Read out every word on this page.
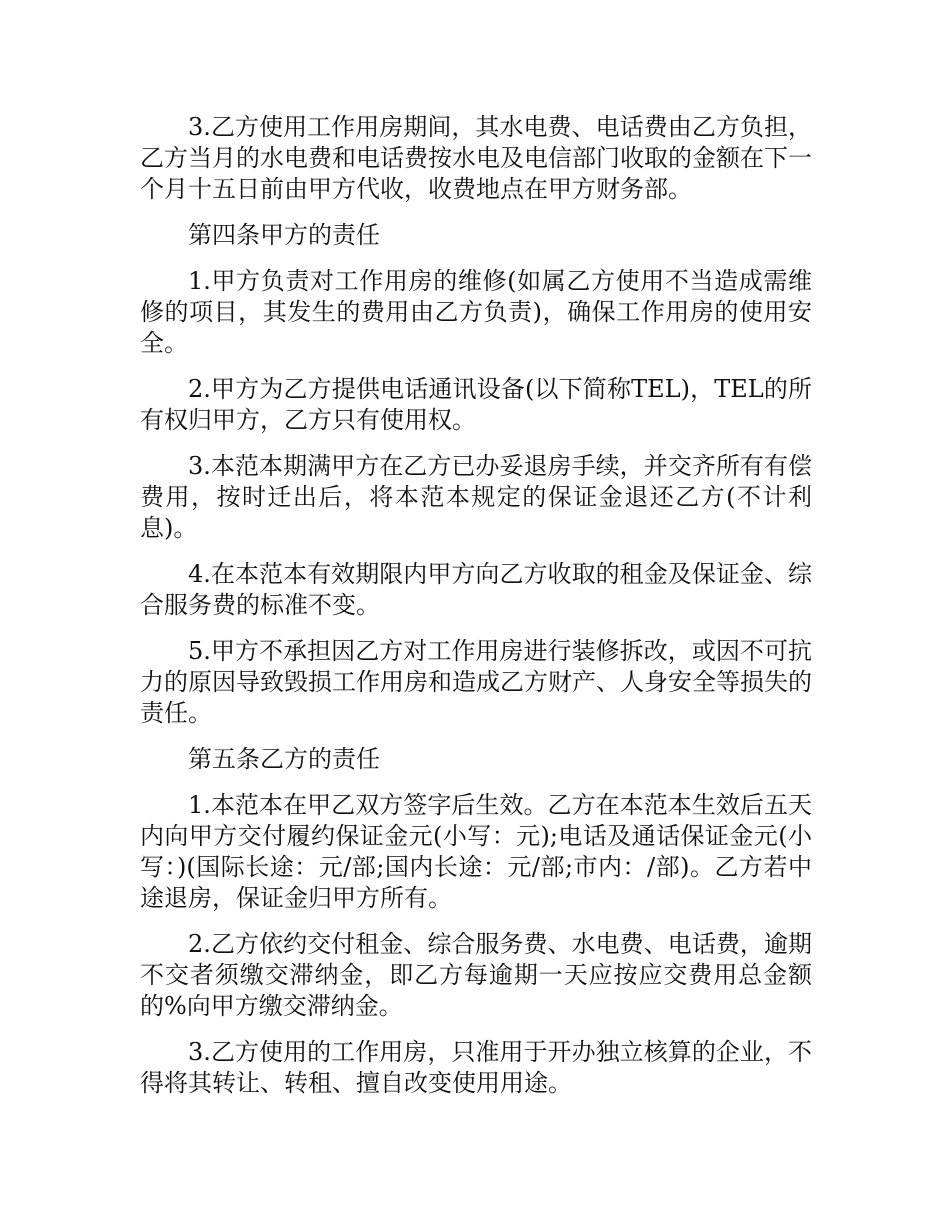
3.乙方使用工作用房期间，其水电费、电话费由乙方负担，乙方当月的水电费和电话费按水电及电信部门收取的金额在下一个月十五日前由甲方代收，收费地点在甲方财务部。

第四条甲方的责任

1.甲方负责对工作用房的维修(如属乙方使用不当造成需维修的项目，其发生的费用由乙方负责)，确保工作用房的使用安全。

2.甲方为乙方提供电话通讯设备(以下简称TEL)，TEL的所有权归甲方，乙方只有使用权。

3.本范本期满甲方在乙方已办妥退房手续，并交齐所有有偿费用，按时迁出后，将本范本规定的保证金退还乙方(不计利息)。

4.在本范本有效期限内甲方向乙方收取的租金及保证金、综合服务费的标准不变。

5.甲方不承担因乙方对工作用房进行装修拆改，或因不可抗力的原因导致毁损工作用房和造成乙方财产、人身安全等损失的责任。

第五条乙方的责任

1.本范本在甲乙双方签字后生效。乙方在本范本生效后五天内向甲方交付履约保证金元(小写：元);电话及通话保证金元(小写：)(国际长途：元/部;国内长途：元/部;市内：/部)。乙方若中途退房，保证金归甲方所有。

2.乙方依约交付租金、综合服务费、水电费、电话费，逾期不交者须缴交滞纳金，即乙方每逾期一天应按应交费用总金额的%向甲方缴交滞纳金。

3.乙方使用的工作用房，只准用于开办独立核算的企业，不得将其转让、转租、擅自改变使用用途。
